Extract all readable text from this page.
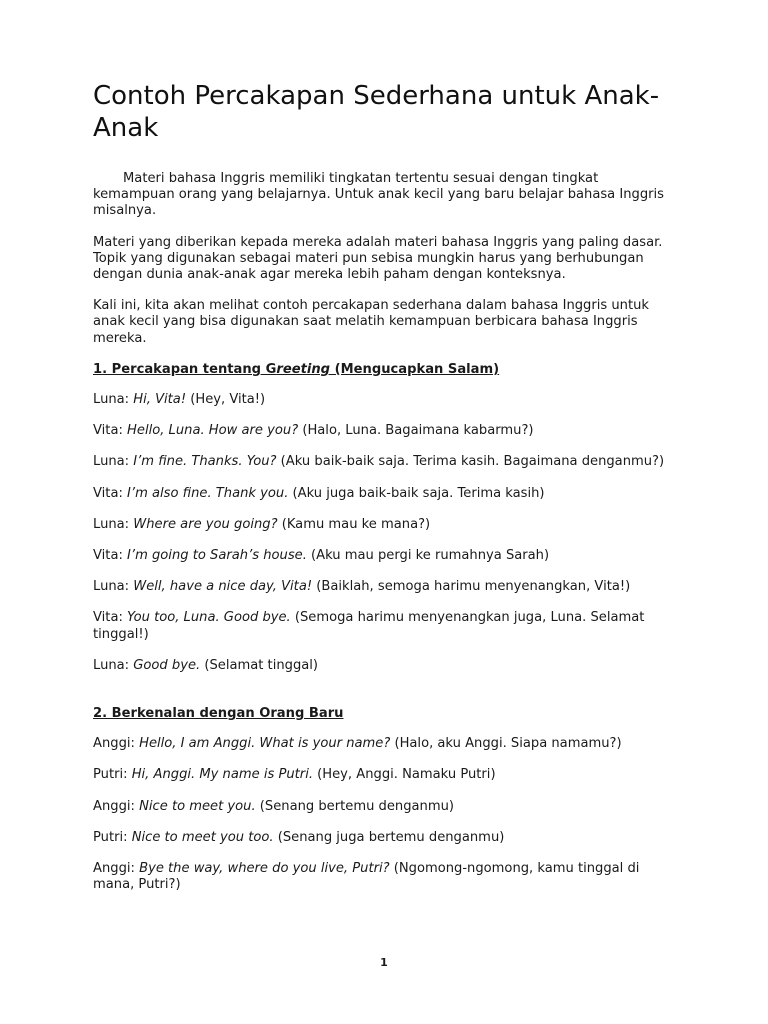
Contoh Percakapan Sederhana untuk Anak-Anak

Materi bahasa Inggris memiliki tingkatan tertentu sesuai dengan tingkat kemampuan orang yang belajarnya. Untuk anak kecil yang baru belajar bahasa Inggris misalnya.

Materi yang diberikan kepada mereka adalah materi bahasa Inggris yang paling dasar. Topik yang digunakan sebagai materi pun sebisa mungkin harus yang berhubungan dengan dunia anak-anak agar mereka lebih paham dengan konteksnya.

Kali ini, kita akan melihat contoh percakapan sederhana dalam bahasa Inggris untuk anak kecil yang bisa digunakan saat melatih kemampuan berbicara bahasa Inggris mereka.

1. Percakapan tentang Greeting (Mengucapkan Salam)

Luna: Hi, Vita! (Hey, Vita!)

Vita: Hello, Luna. How are you? (Halo, Luna. Bagaimana kabarmu?)

Luna: I’m fine. Thanks. You? (Aku baik-baik saja. Terima kasih. Bagaimana denganmu?)

Vita: I’m also fine. Thank you. (Aku juga baik-baik saja. Terima kasih)

Luna: Where are you going? (Kamu mau ke mana?)

Vita: I’m going to Sarah’s house. (Aku mau pergi ke rumahnya Sarah)

Luna: Well, have a nice day, Vita! (Baiklah, semoga harimu menyenangkan, Vita!)

Vita: You too, Luna. Good bye. (Semoga harimu menyenangkan juga, Luna. Selamat tinggal!)

Luna: Good bye. (Selamat tinggal)

2. Berkenalan dengan Orang Baru

Anggi: Hello, I am Anggi. What is your name? (Halo, aku Anggi. Siapa namamu?)

Putri: Hi, Anggi. My name is Putri. (Hey, Anggi. Namaku Putri)

Anggi: Nice to meet you. (Senang bertemu denganmu)

Putri: Nice to meet you too. (Senang juga bertemu denganmu)

Anggi: Bye the way, where do you live, Putri? (Ngomong-ngomong, kamu tinggal di mana, Putri?)

1
